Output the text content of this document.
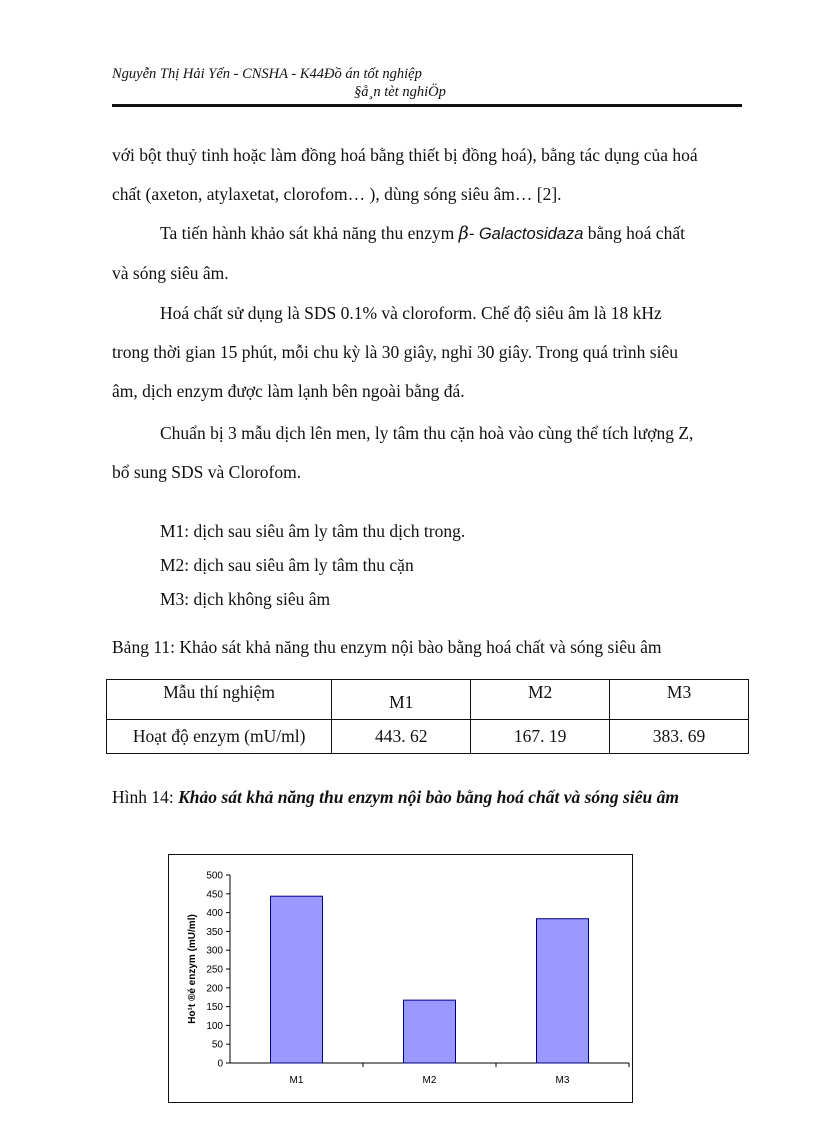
Nguyễn Thị Hải Yến - CNSHA - K44Đồ án tốt nghiệp
§å¸n tèt nghiÖp

với bột thuỷ tinh hoặc làm đồng hoá bằng thiết bị đồng hoá), bằng tác dụng của hoá
chất (axeton, atylaxetat, clorofom… ), dùng sóng siêu âm… [2].

Ta tiến hành khảo sát khả năng thu enzym β- Galactosidaza bằng hoá chất
và sóng siêu âm.

Hoá chất sử dụng là SDS 0.1% và cloroform. Chế độ siêu âm là 18 kHz
trong thời gian 15 phút, mỗi chu kỳ là 30 giây, nghỉ 30 giây. Trong quá trình siêu
âm, dịch enzym được làm lạnh bên ngoài bằng đá.

Chuẩn bị 3 mẫu dịch lên men, ly tâm thu cặn hoà vào cùng thể tích lượng Z,
bổ sung SDS và Clorofom.

M1: dịch sau siêu âm ly tâm thu dịch trong.

M2: dịch sau siêu âm ly tâm thu cặn

M3: dịch không siêu âm

Bảng 11: Khảo sát khả năng thu enzym nội bào bằng hoá chất và sóng siêu âm

Mẫu thí nghiệm	M1	M2	M3
Hoạt độ enzym (mU/ml)	443. 62	167. 19	383. 69

Hình 14: Khảo sát khả năng thu enzym nội bào bằng hoá chất và sóng siêu âm

0
50
100
150
200
250
300
350
400
450
500
M1	M2	M3
Ho¹t ®é enzym (mU/ml)
